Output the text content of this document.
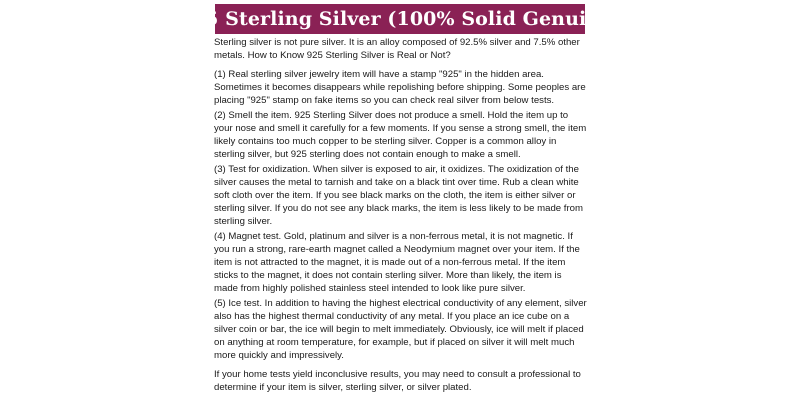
925 Sterling Silver (100% Solid Genuine)

Sterling silver is not pure silver. It is an alloy composed of 92.5% silver and 7.5% other metals. How to Know 925 Sterling Silver is Real or Not?

(1) Real sterling silver jewelry item will have a stamp "925" in the hidden area. Sometimes it becomes disappears while repolishing before shipping. Some peoples are placing "925" stamp on fake items so you can check real silver from below tests.

(2) Smell the item. 925 Sterling Silver does not produce a smell. Hold the item up to your nose and smell it carefully for a few moments. If you sense a strong smell, the item likely contains too much copper to be sterling silver. Copper is a common alloy in sterling silver, but 925 sterling does not contain enough to make a smell.

(3) Test for oxidization. When silver is exposed to air, it oxidizes. The oxidization of the silver causes the metal to tarnish and take on a black tint over time. Rub a clean white soft cloth over the item. If you see black marks on the cloth, the item is either silver or sterling silver. If you do not see any black marks, the item is less likely to be made from sterling silver.

(4) Magnet test. Gold, platinum and silver is a non-ferrous metal, it is not magnetic. If you run a strong, rare-earth magnet called a Neodymium magnet over your item. If the item is not attracted to the magnet, it is made out of a non-ferrous metal. If the item sticks to the magnet, it does not contain sterling silver. More than likely, the item is made from highly polished stainless steel intended to look like pure silver.

(5) Ice test. In addition to having the highest electrical conductivity of any element, silver also has the highest thermal conductivity of any metal. If you place an ice cube on a silver coin or bar, the ice will begin to melt immediately. Obviously, ice will melt if placed on anything at room temperature, for example, but if placed on silver it will melt much more quickly and impressively.

If your home tests yield inconclusive results, you may need to consult a professional to determine if your item is silver, sterling silver, or silver plated.
